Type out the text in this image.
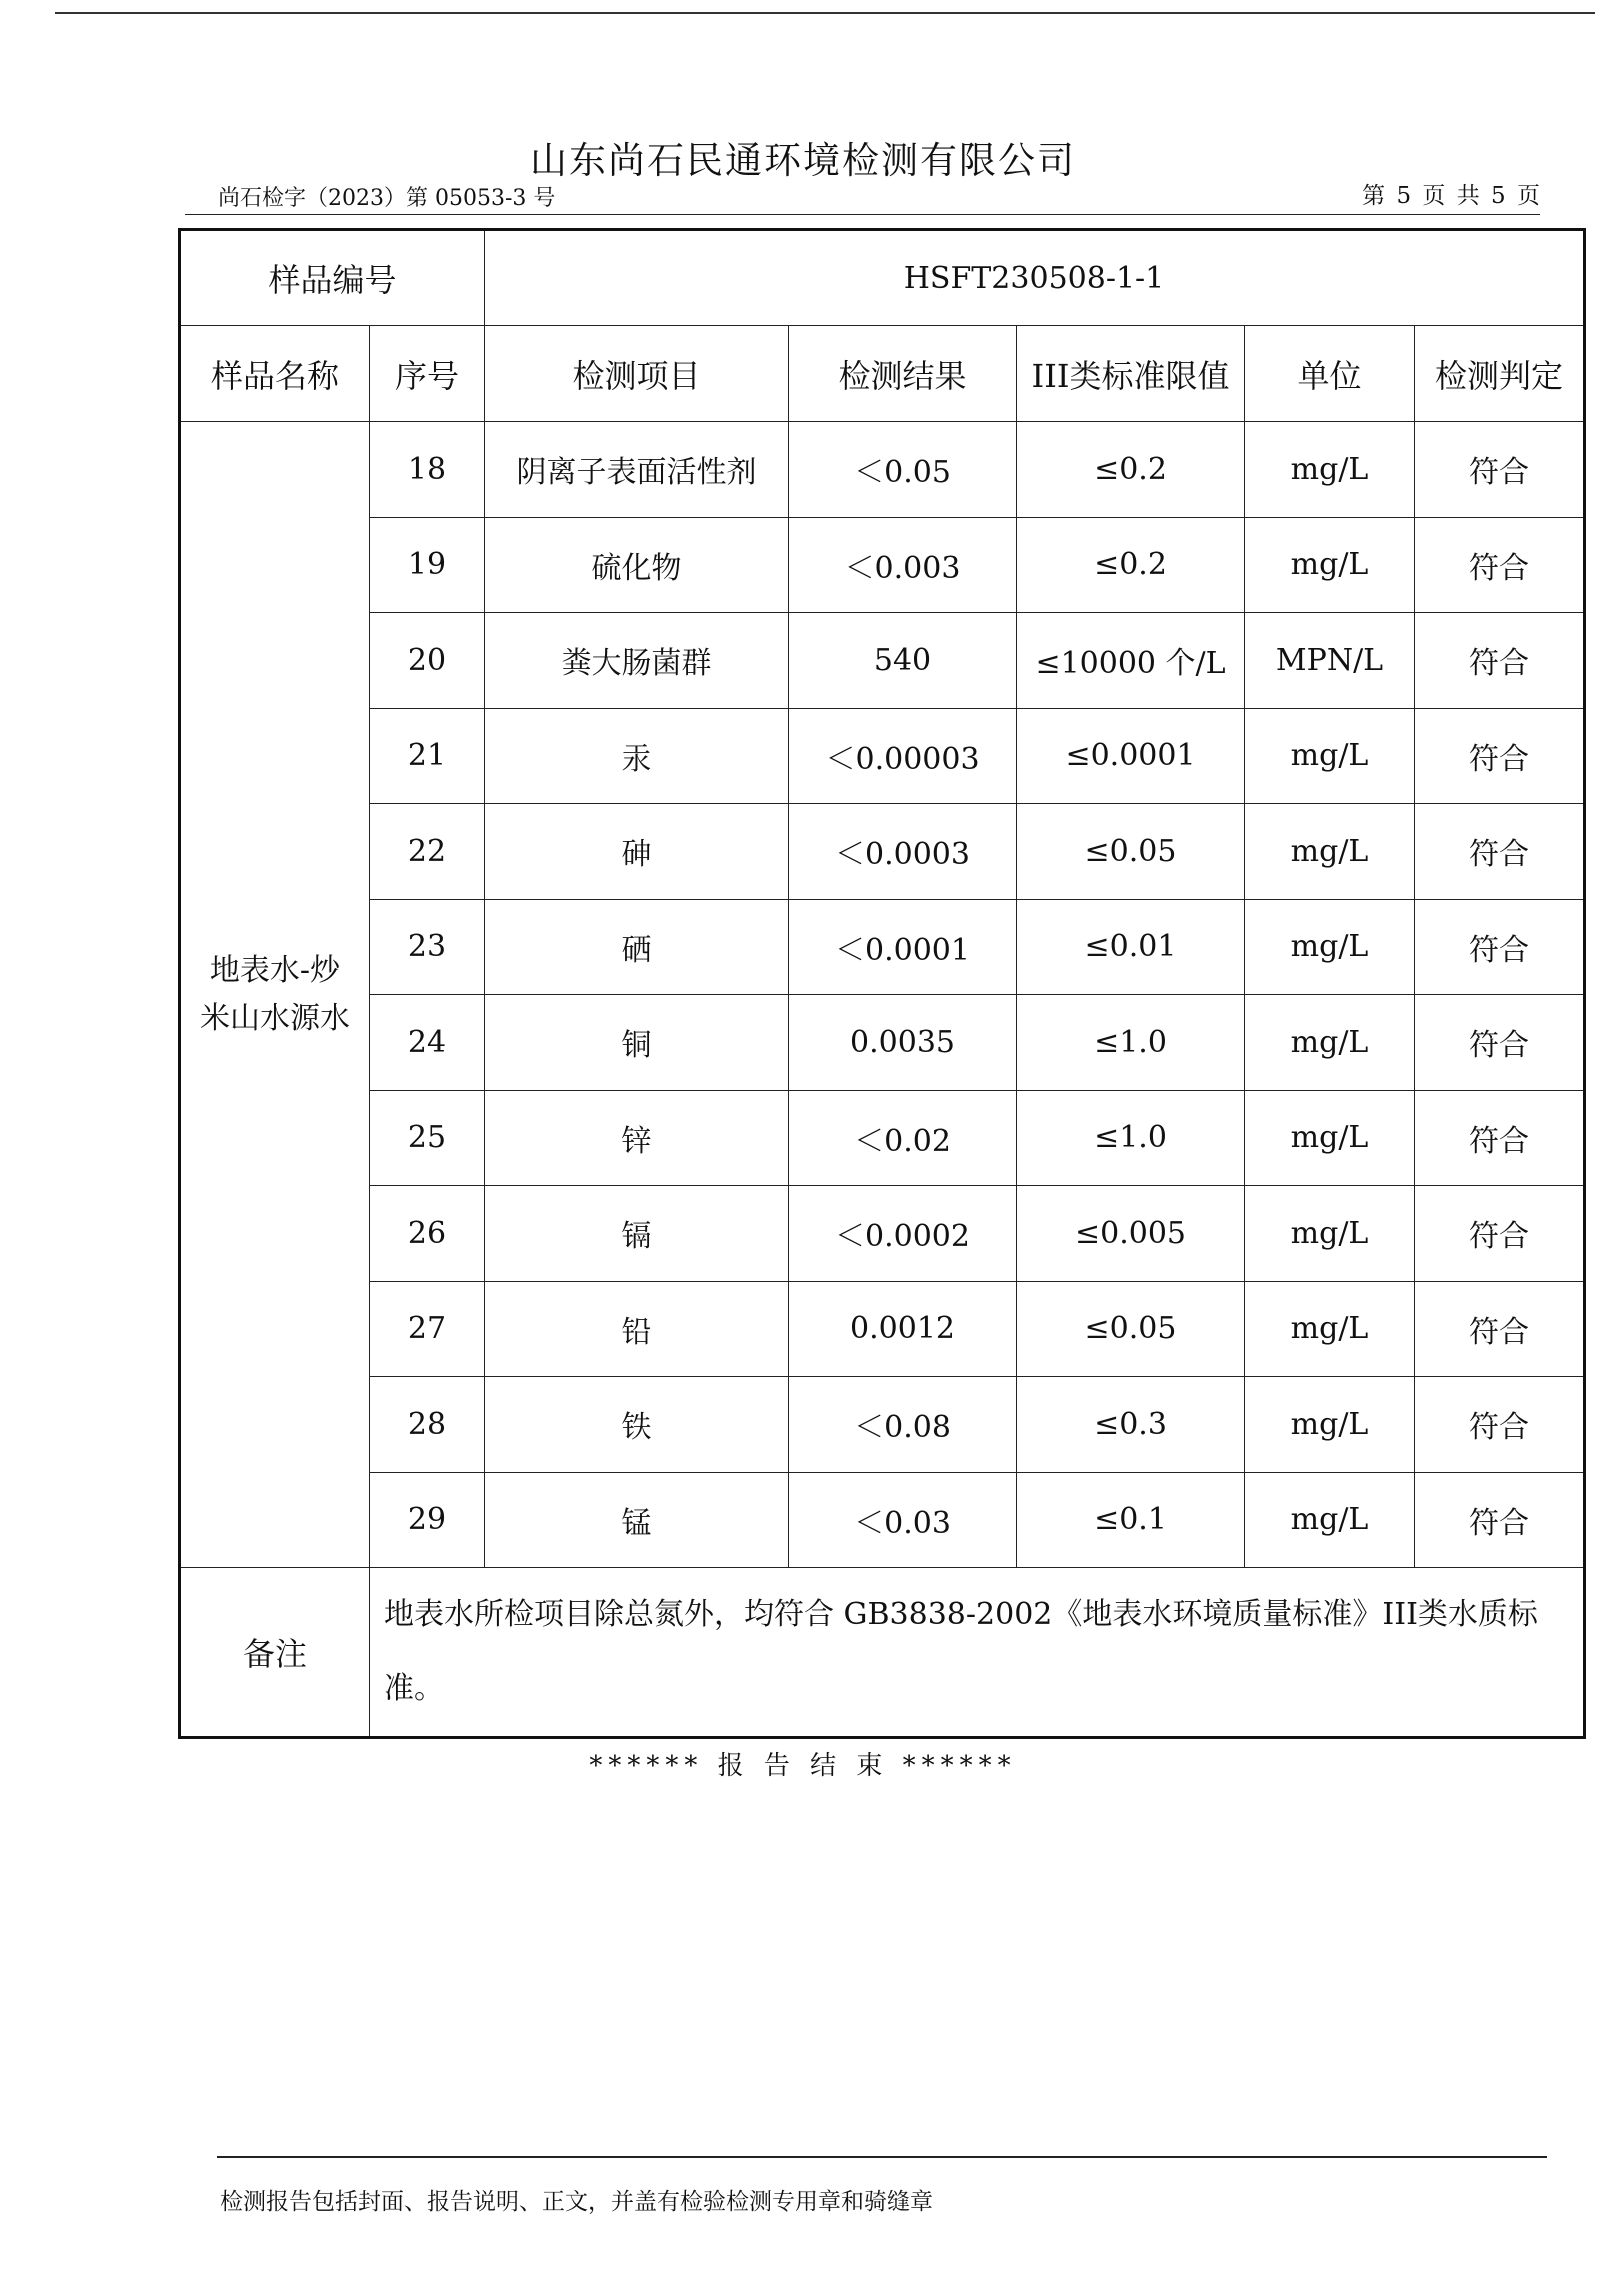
山东尚石民通环境检测有限公司
尚石检字（2023）第 05053-3 号	第 5 页 共 5 页
样品编号		HSFT230508-1-1				
样品名称	序号	检测项目	检测结果	III类标准限值	单位	检测判定
地表水-炒米山水源水	18	阴离子表面活性剂	＜0.05	≤0.2	mg/L	符合
	19	硫化物	＜0.003	≤0.2	mg/L	符合
	20	粪大肠菌群	540	≤10000 个/L	MPN/L	符合
	21	汞	＜0.00003	≤0.0001	mg/L	符合
	22	砷	＜0.0003	≤0.05	mg/L	符合
	23	硒	＜0.0001	≤0.01	mg/L	符合
	24	铜	0.0035	≤1.0	mg/L	符合
	25	锌	＜0.02	≤1.0	mg/L	符合
	26	镉	＜0.0002	≤0.005	mg/L	符合
	27	铅	0.0012	≤0.05	mg/L	符合
	28	铁	＜0.08	≤0.3	mg/L	符合
	29	锰	＜0.03	≤0.1	mg/L	符合
备注	地表水所检项目除总氮外，均符合 GB3838-2002《地表水环境质量标准》III类水质标准。					
****** 报 告 结 束 ******
检测报告包括封面、报告说明、正文，并盖有检验检测专用章和骑缝章
